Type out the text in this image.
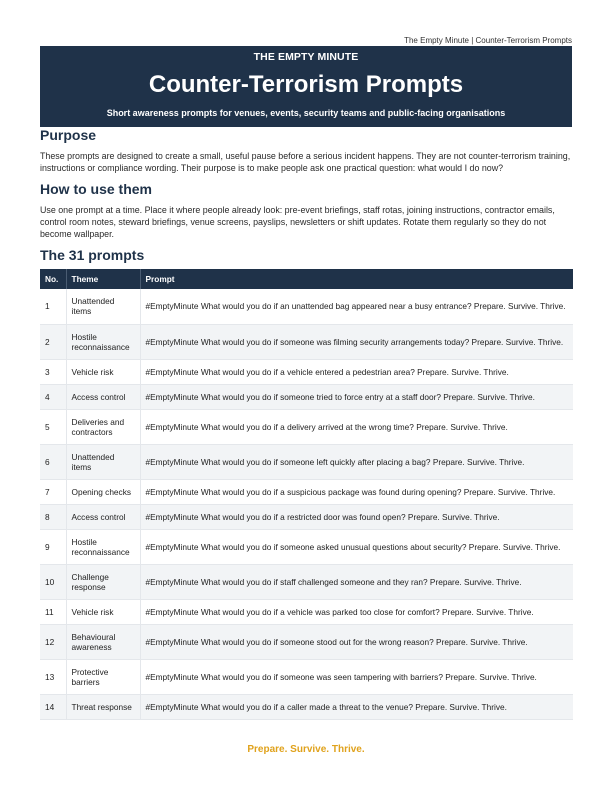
The Empty Minute | Counter-Terrorism Prompts
THE EMPTY MINUTE
Counter-Terrorism Prompts
Short awareness prompts for venues, events, security teams and public-facing organisations
Purpose

These prompts are designed to create a small, useful pause before a serious incident happens. They are not counter-terrorism training, instructions or compliance wording. Their purpose is to make people ask one practical question: what would I do now?

How to use them

Use one prompt at a time. Place it where people already look: pre-event briefings, staff rotas, joining instructions, contractor emails, control room notes, steward briefings, venue screens, payslips, newsletters or shift updates. Rotate them regularly so they do not become wallpaper.

The 31 prompts
No.	Theme	Prompt
1	Unattended items	#EmptyMinute What would you do if an unattended bag appeared near a busy entrance? Prepare. Survive. Thrive.
2	Hostile reconnaissance	#EmptyMinute What would you do if someone was filming security arrangements today? Prepare. Survive. Thrive.
3	Vehicle risk	#EmptyMinute What would you do if a vehicle entered a pedestrian area? Prepare. Survive. Thrive.
4	Access control	#EmptyMinute What would you do if someone tried to force entry at a staff door? Prepare. Survive. Thrive.
5	Deliveries and contractors	#EmptyMinute What would you do if a delivery arrived at the wrong time? Prepare. Survive. Thrive.
6	Unattended items	#EmptyMinute What would you do if someone left quickly after placing a bag? Prepare. Survive. Thrive.
7	Opening checks	#EmptyMinute What would you do if a suspicious package was found during opening? Prepare. Survive. Thrive.
8	Access control	#EmptyMinute What would you do if a restricted door was found open? Prepare. Survive. Thrive.
9	Hostile reconnaissance	#EmptyMinute What would you do if someone asked unusual questions about security? Prepare. Survive. Thrive.
10	Challenge response	#EmptyMinute What would you do if staff challenged someone and they ran? Prepare. Survive. Thrive.
11	Vehicle risk	#EmptyMinute What would you do if a vehicle was parked too close for comfort? Prepare. Survive. Thrive.
12	Behavioural awareness	#EmptyMinute What would you do if someone stood out for the wrong reason? Prepare. Survive. Thrive.
13	Protective barriers	#EmptyMinute What would you do if someone was seen tampering with barriers? Prepare. Survive. Thrive.
14	Threat response	#EmptyMinute What would you do if a caller made a threat to the venue? Prepare. Survive. Thrive.
Prepare. Survive. Thrive.
